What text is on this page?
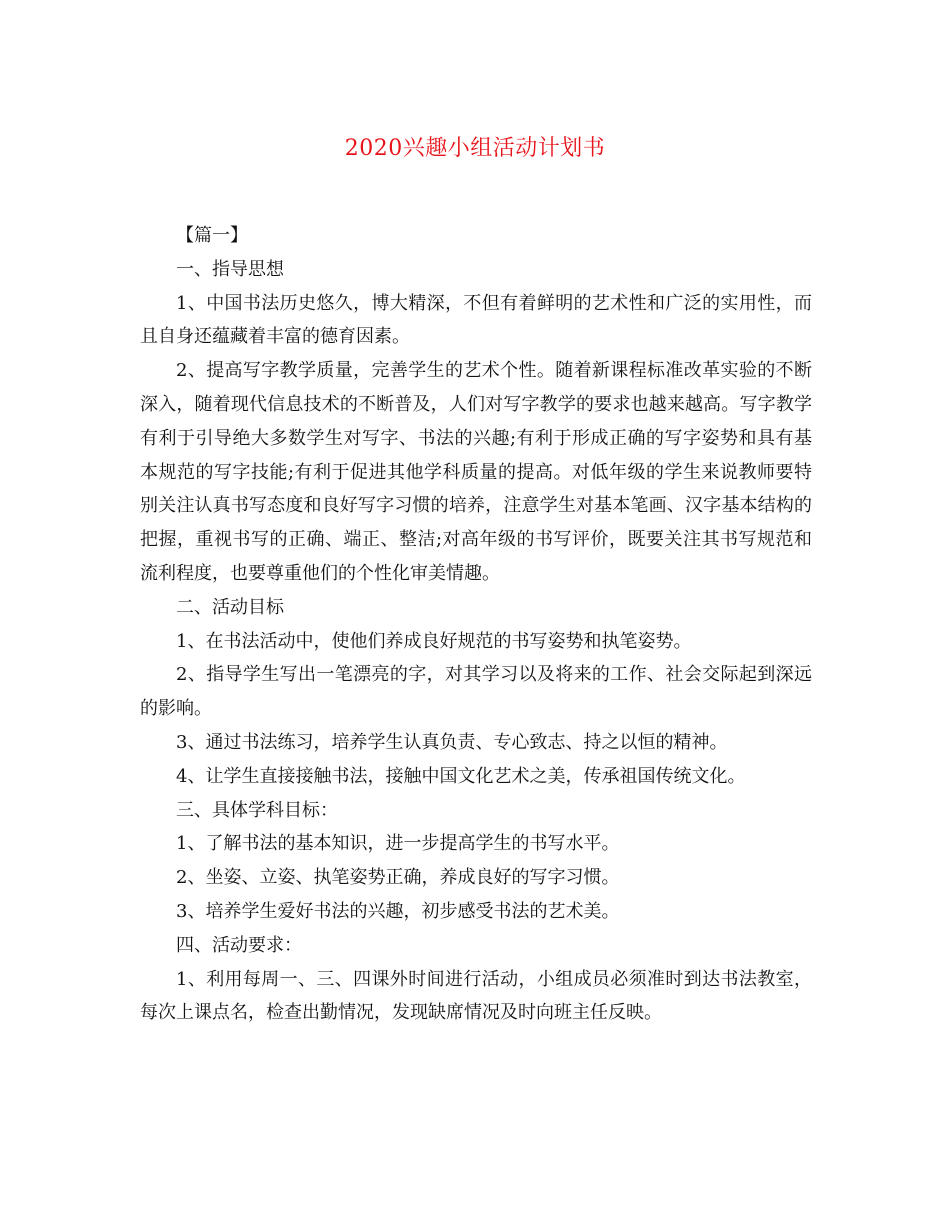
2020兴趣小组活动计划书

【篇一】

一、指导思想

1、中国书法历史悠久，博大精深，不但有着鲜明的艺术性和广泛的实用性，而且自身还蕴藏着丰富的德育因素。

2、提高写字教学质量，完善学生的艺术个性。随着新课程标准改革实验的不断深入，随着现代信息技术的不断普及，人们对写字教学的要求也越来越高。写字教学有利于引导绝大多数学生对写字、书法的兴趣;有利于形成正确的写字姿势和具有基本规范的写字技能;有利于促进其他学科质量的提高。对低年级的学生来说教师要特别关注认真书写态度和良好写字习惯的培养，注意学生对基本笔画、汉字基本结构的把握，重视书写的正确、端正、整洁;对高年级的书写评价，既要关注其书写规范和流利程度，也要尊重他们的个性化审美情趣。

二、活动目标

1、在书法活动中，使他们养成良好规范的书写姿势和执笔姿势。

2、指导学生写出一笔漂亮的字，对其学习以及将来的工作、社会交际起到深远的影响。

3、通过书法练习，培养学生认真负责、专心致志、持之以恒的精神。

4、让学生直接接触书法，接触中国文化艺术之美，传承祖国传统文化。

三、具体学科目标：

1、了解书法的基本知识，进一步提高学生的书写水平。

2、坐姿、立姿、执笔姿势正确，养成良好的写字习惯。

3、培养学生爱好书法的兴趣，初步感受书法的艺术美。

四、活动要求：

1、利用每周一、三、四课外时间进行活动，小组成员必须准时到达书法教室，每次上课点名，检查出勤情况，发现缺席情况及时向班主任反映。
